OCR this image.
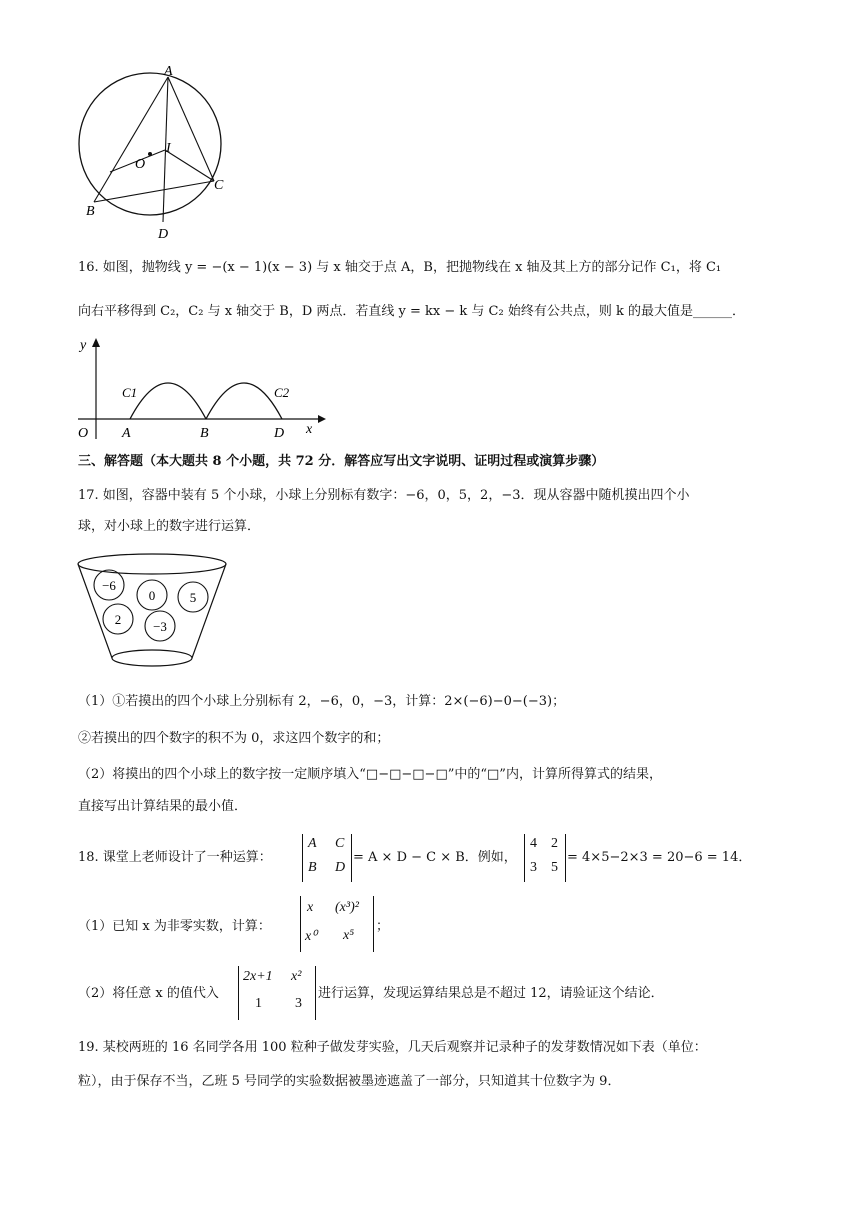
A
B
C
D
I
O
16. 如图，抛物线 y = −(x − 1)(x − 3) 与 x 轴交于点 A，B，把抛物线在 x 轴及其上方的部分记作 C₁，将 C₁
向右平移得到 C₂，C₂ 与 x 轴交于 B，D 两点．若直线 y = kx − k 与 C₂ 始终有公共点，则 k 的最大值是______．
y
C1	C2
O A	B	D x
三、解答题（本大题共 8 个小题，共 72 分．解答应写出文字说明、证明过程或演算步骤）
17. 如图，容器中装有 5 个小球，小球上分别标有数字：−6，0，5，2，−3．现从容器中随机摸出四个小
球，对小球上的数字进行运算．
−6
0	5
2 −3
（1）①若摸出的四个小球上分别标有 2，−6，0，−3，计算：2×(−6)−0−(−3)；
②若摸出的四个数字的积不为 0，求这四个数字的和；
（2）将摸出的四个小球上的数字按一定顺序填入“□−□−□−□”中的“□”内，计算所得算式的结果，
直接写出计算结果的最小值．
18. 课堂上老师设计了一种运算：
A C
B D
= A × D − C × B．例如，
4 2
3 5
= 4×5−2×3 = 20−6 = 14．
（1）已知 x 为非零实数，计算：
x (x³)²
x⁰ x⁵
；
（2）将任意 x 的值代入
2x+1 x²
1 3
进行运算，发现运算结果总是不超过 12，请验证这个结论．
19. 某校两班的 16 名同学各用 100 粒种子做发芽实验，几天后观察并记录种子的发芽数情况如下表（单位：
粒），由于保存不当，乙班 5 号同学的实验数据被墨迹遮盖了一部分，只知道其十位数字为 9．
